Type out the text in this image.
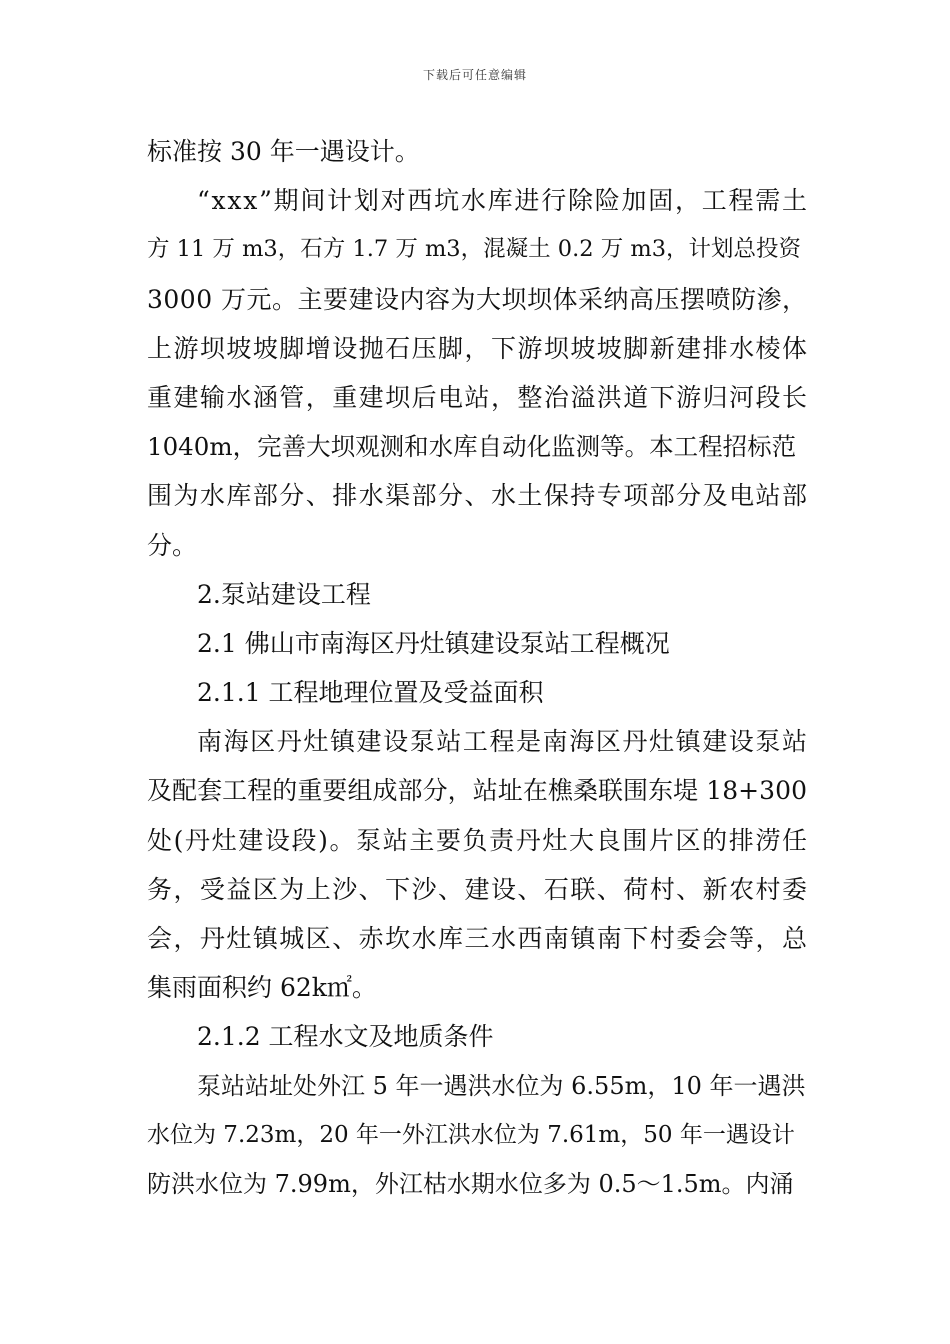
下载后可任意编辑
标准按 30 年一遇设计。
“xxx”期间计划对西坑水库进行除险加固，工程需土
方 11 万 m3，石方 1.7 万 m3，混凝土 0.2 万 m3，计划总投资
3000 万元。主要建设内容为大坝坝体采纳高压摆喷防渗，
上游坝坡坡脚增设抛石压脚，下游坝坡坡脚新建排水棱体
重建输水涵管，重建坝后电站，整治溢洪道下游归河段长
1040m，完善大坝观测和水库自动化监测等。本工程招标范
围为水库部分、排水渠部分、水土保持专项部分及电站部
分。
2.泵站建设工程
2.1 佛山市南海区丹灶镇建设泵站工程概况
2.1.1 工程地理位置及受益面积
南海区丹灶镇建设泵站工程是南海区丹灶镇建设泵站
及配套工程的重要组成部分，站址在樵桑联围东堤 18+300
处(丹灶建设段)。泵站主要负责丹灶大良围片区的排涝任
务，受益区为上沙、下沙、建设、石联、荷村、新农村委
会，丹灶镇城区、赤坎水库三水西南镇南下村委会等，总
集雨面积约 62k㎡。
2.1.2 工程水文及地质条件
泵站站址处外江 5 年一遇洪水位为 6.55m，10 年一遇洪
水位为 7.23m，20 年一外江洪水位为 7.61m，50 年一遇设计
防洪水位为 7.99m，外江枯水期水位多为 0.5～1.5m。内涌
